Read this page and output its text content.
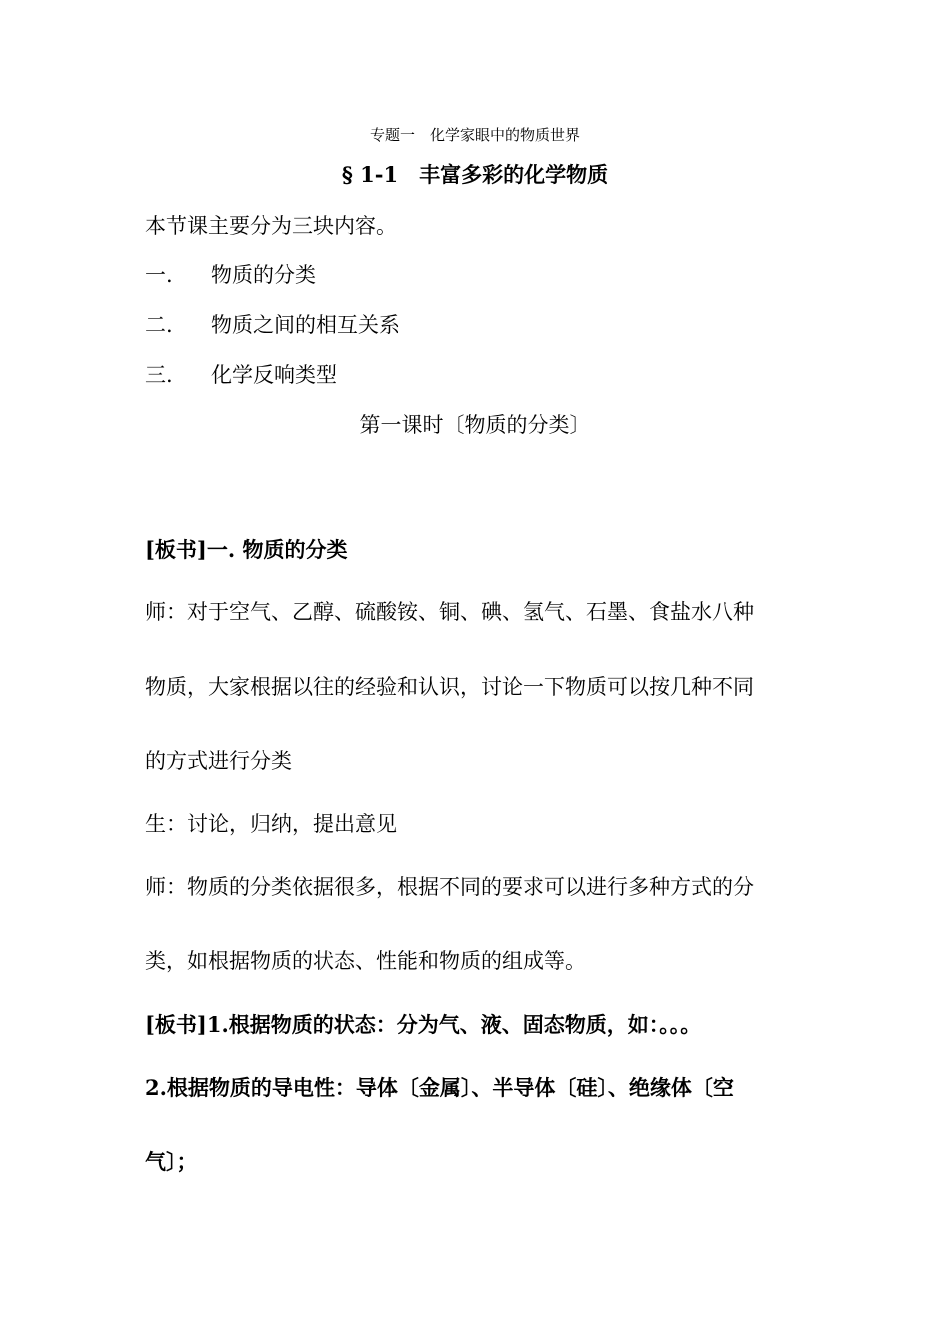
专题一　化学家眼中的物质世界
§ 1-1　丰富多彩的化学物质
本节课主要分为三块内容。
一. 物质的分类
二. 物质之间的相互关系
三. 化学反响类型
第一课时〔物质的分类〕
[板书]一. 物质的分类
师：对于空气、乙醇、硫酸铵、铜、碘、氢气、石墨、食盐水八种
物质，大家根据以往的经验和认识，讨论一下物质可以按几种不同
的方式进行分类
生：讨论，归纳，提出意见
师：物质的分类依据很多，根据不同的要求可以进行多种方式的分
类，如根据物质的状态、性能和物质的组成等。
[板书]1.根据物质的状态：分为气、液、固态物质，如：。。。
2.根据物质的导电性：导体〔金属〕、半导体〔硅〕、绝缘体〔空
气〕；
